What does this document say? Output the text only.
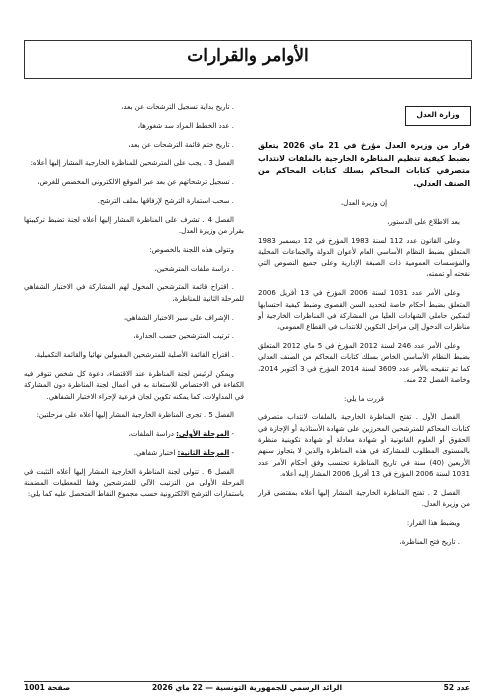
الأوامر والقرارات
وزارة العدل

قرار من وزيرة العدل مؤرخ في 21 ماي 2026 يتعلق بضبط كيفية تنظيم المناظرة الخارجية بالملفات لانتداب متصرفي كتابات المحاكم بسلك كتابات المحاكم من الصنف العدلي.

إن وزيرة العدل،

بعد الاطلاع على الدستور،

وعلى القانون عدد 112 لسنة 1983 المؤرخ في 12 ديسمبر 1983 المتعلق بضبط النظام الأساسي العام لأعوان الدولة والجماعات المحلية والمؤسسات العمومية ذات الصبغة الإدارية وعلى جميع النصوص التي نقحته أو تممته،

وعلى الأمر عدد 1031 لسنة 2006 المؤرخ في 13 أفريل 2006 المتعلق بضبط أحكام خاصة لتحديد السن القصوى وضبط كيفية احتسابها لتمكين حاملي الشهادات العليا من المشاركة في المناظرات الخارجية أو مناظرات الدخول إلى مراحل التكوين للانتداب في القطاع العمومي،

وعلى الأمر عدد 246 لسنة 2012 المؤرخ في 5 ماي 2012 المتعلق بضبط النظام الأساسي الخاص بسلك كتابات المحاكم من الصنف العدلي كما تم تنقيحه بالأمر عدد 3609 لسنة 2014 المؤرخ في 3 أكتوبر 2014، وخاصة الفصل 22 منه.

قررت ما يلي:

الفصل الأول . تفتح المناظرة الخارجية بالملفات لانتداب متصرفي كتابات المحاكم للمترشحين المحرزين على شهادة الأستاذية أو الإجازة في الحقوق أو العلوم القانونية أو شهادة معادلة أو شهادة تكوينية منظرة بالمستوى المطلوب للمشاركة في هذه المناظرة والذين لا يتجاوز سنهم الأربعين (40) سنة في تاريخ المناظرة تحتسب وفق أحكام الأمر عدد 1031 لسنة 2006 المؤرخ في 13 أفريل 2006 المشار إليه أعلاه.

الفصل 2 . تفتح المناظرة الخارجية المشار إليها أعلاه بمقتضى قرار من وزيرة العدل.

ويضبط هذا القرار:

. تاريخ فتح المناظرة،

. تاريخ بداية تسجيل الترشحات عن بعد،

. عدد الخطط المراد سد شغورها،

. تاريخ ختم قائمة الترشحات عن بعد،

الفصل 3 . يجب على المترشحين للمناظرة الخارجية المشار إليها أعلاه:

. تسجيل ترشحاتهم عن بعد عبر الموقع الالكتروني المخصص للغرض،

. سحب استمارة الترشح لإرفاقها بملف الترشح.

الفصل 4 . تشرف على المناظرة المشار إليها أعلاه لجنة تضبط تركيبتها بقرار من وزيرة العدل.

وتتولى هذه اللجنة بالخصوص:

. دراسة ملفات المترشحين،

. اقتراح قائمة المترشحين المخول لهم المشاركة في الاختبار الشفاهي للمرحلة الثانية للمناظرة،

. الإشراف على سير الاختبار الشفاهي،

. ترتيب المترشحين حسب الجدارة،

. اقتراح القائمة الأصلية للمترشحين المقبولين نهائيا والقائمة التكميلية.

ويمكن لرئيس لجنة المناظرة عند الاقتضاء، دعوة كل شخص تتوفر فيه الكفاءة في الاختصاص للاستعانة به في أعمال لجنة المناظرة دون المشاركة في المداولات، كما يمكنه تكوين لجان فرعية لإجراء الاختبار الشفاهي.

الفصل 5 . تجرى المناظرة الخارجية المشار إليها أعلاه على مرحلتين:

- المرحلة الأولى: دراسة الملفات،

- المرحلة الثانية: اختبار شفاهي.

الفصل 6 . تتولى لجنة المناظرة الخارجية المشار إليها أعلاه التثبت في المرحلة الأولى من الترتيب الآلي للمترشحين وفقا للمعطيات المضمنة باستمارات الترشح الالكترونية حسب مجموع النقاط المتحصل عليه كما يلي:

عدد 52
الرائد الرسمي للجمهورية التونسية — 22 ماي 2026
صفحة 1001
